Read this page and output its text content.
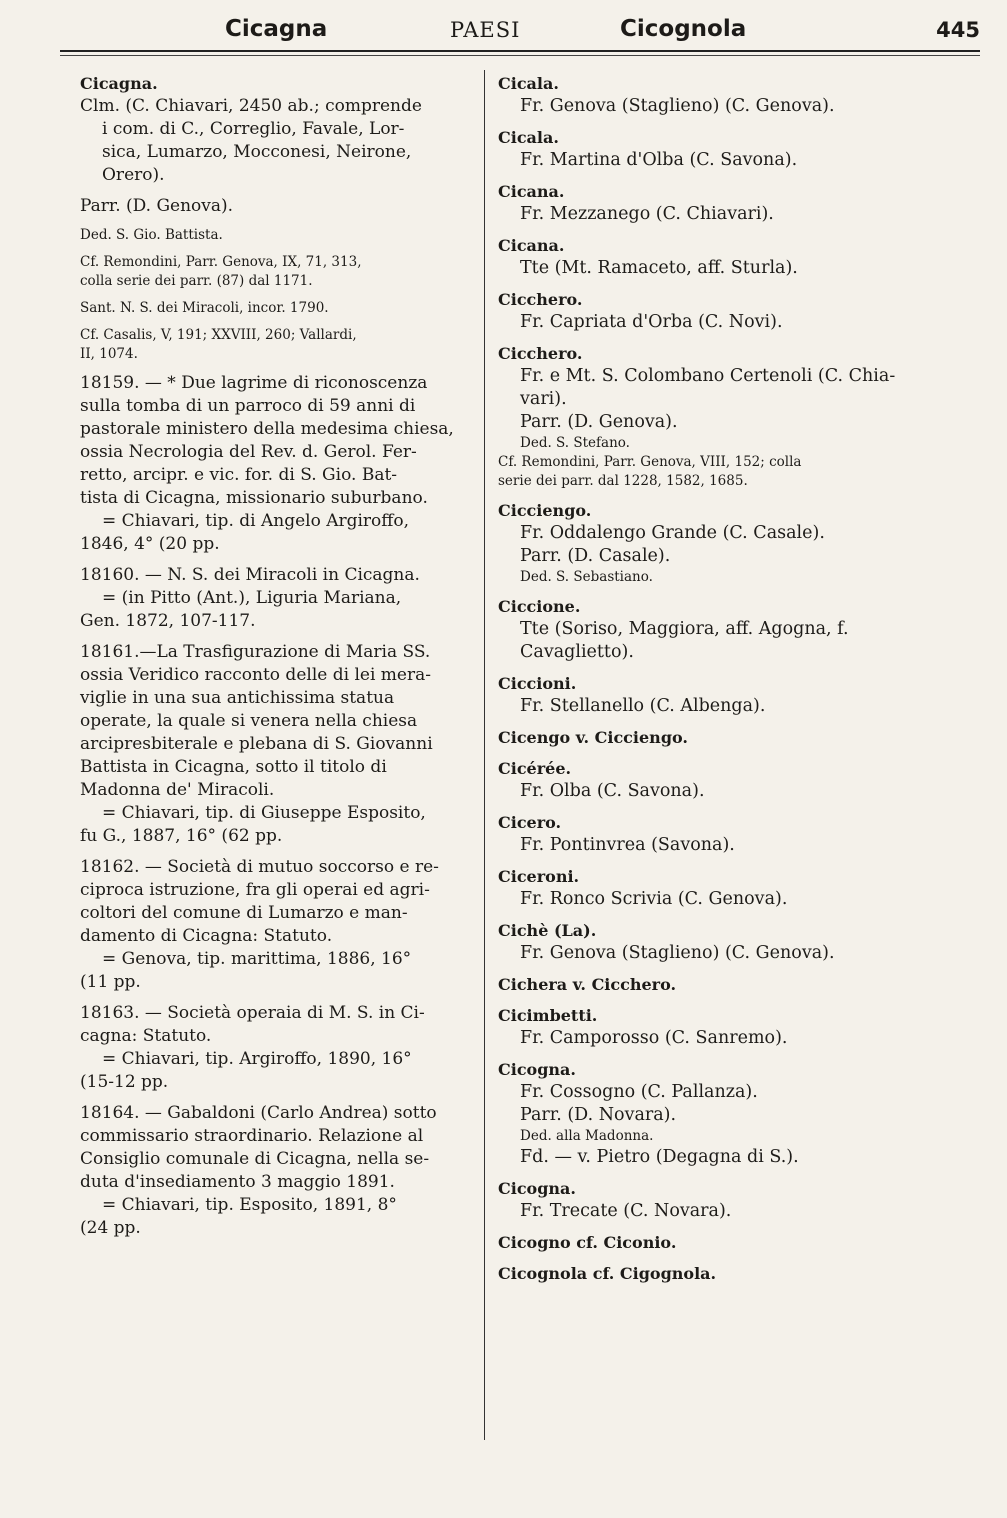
Cicagna	PAESI	Cicognola	445
Cicagna.
Clm. (C. Chiavari, 2450 ab.; comprende
i com. di C., Correglio, Favale, Lor-
sica, Lumarzo, Mocconesi, Neirone,
Orero).
Parr. (D. Genova).
Ded. S. Gio. Battista.
Cf. Remondini, Parr. Genova, IX, 71, 313,
colla serie dei parr. (87) dal 1171.
Sant. N. S. dei Miracoli, incor. 1790.
Cf. Casalis, V, 191; XXVIII, 260; Vallardi,
II, 1074.
18159. — * Due lagrime di riconoscenza
sulla tomba di un parroco di 59 anni di
pastorale ministero della medesima chiesa,
ossia Necrologia del Rev. d. Gerol. Fer-
retto, arcipr. e vic. for. di S. Gio. Bat-
tista di Cicagna, missionario suburbano.
= Chiavari, tip. di Angelo Argiroffo,
1846, 4° (20 pp.
18160. — N. S. dei Miracoli in Cicagna.
= (in Pitto (Ant.), Liguria Mariana,
Gen. 1872, 107-117.
18161.—La Trasfigurazione di Maria SS.
ossia Veridico racconto delle di lei mera-
viglie in una sua antichissima statua
operate, la quale si venera nella chiesa
arcipresbiterale e plebana di S. Giovanni
Battista in Cicagna, sotto il titolo di
Madonna de' Miracoli.
= Chiavari, tip. di Giuseppe Esposito,
fu G., 1887, 16° (62 pp.
18162. — Società di mutuo soccorso e re-
ciproca istruzione, fra gli operai ed agri-
coltori del comune di Lumarzo e man-
damento di Cicagna: Statuto.
= Genova, tip. marittima, 1886, 16°
(11 pp.
18163. — Società operaia di M. S. in Ci-
cagna: Statuto.
= Chiavari, tip. Argiroffo, 1890, 16°
(15-12 pp.
18164. — Gabaldoni (Carlo Andrea) sotto
commissario straordinario. Relazione al
Consiglio comunale di Cicagna, nella se-
duta d'insediamento 3 maggio 1891.
= Chiavari, tip. Esposito, 1891, 8°
(24 pp.
Cicala.
Fr. Genova (Staglieno) (C. Genova).
Cicala.
Fr. Martina d'Olba (C. Savona).
Cicana.
Fr. Mezzanego (C. Chiavari).
Cicana.
Tte (Mt. Ramaceto, aff. Sturla).
Cicchero.
Fr. Capriata d'Orba (C. Novi).
Cicchero.
Fr. e Mt. S. Colombano Certenoli (C. Chia-
vari).
Parr. (D. Genova).
Ded. S. Stefano.
Cf. Remondini, Parr. Genova, VIII, 152; colla
serie dei parr. dal 1228, 1582, 1685.
Cicciengo.
Fr. Oddalengo Grande (C. Casale).
Parr. (D. Casale).
Ded. S. Sebastiano.
Ciccione.
Tte (Soriso, Maggiora, aff. Agogna, f.
Cavaglietto).
Ciccioni.
Fr. Stellanello (C. Albenga).
Cicengo v. Cicciengo.
Cicérée.
Fr. Olba (C. Savona).
Cicero.
Fr. Pontinvrea (Savona).
Ciceroni.
Fr. Ronco Scrivia (C. Genova).
Cichè (La).
Fr. Genova (Staglieno) (C. Genova).
Cichera v. Cicchero.
Cicimbetti.
Fr. Camporosso (C. Sanremo).
Cicogna.
Fr. Cossogno (C. Pallanza).
Parr. (D. Novara).
Ded. alla Madonna.
Fd. — v. Pietro (Degagna di S.).
Cicogna.
Fr. Trecate (C. Novara).
Cicogno cf. Ciconio.
Cicognola cf. Cigognola.
